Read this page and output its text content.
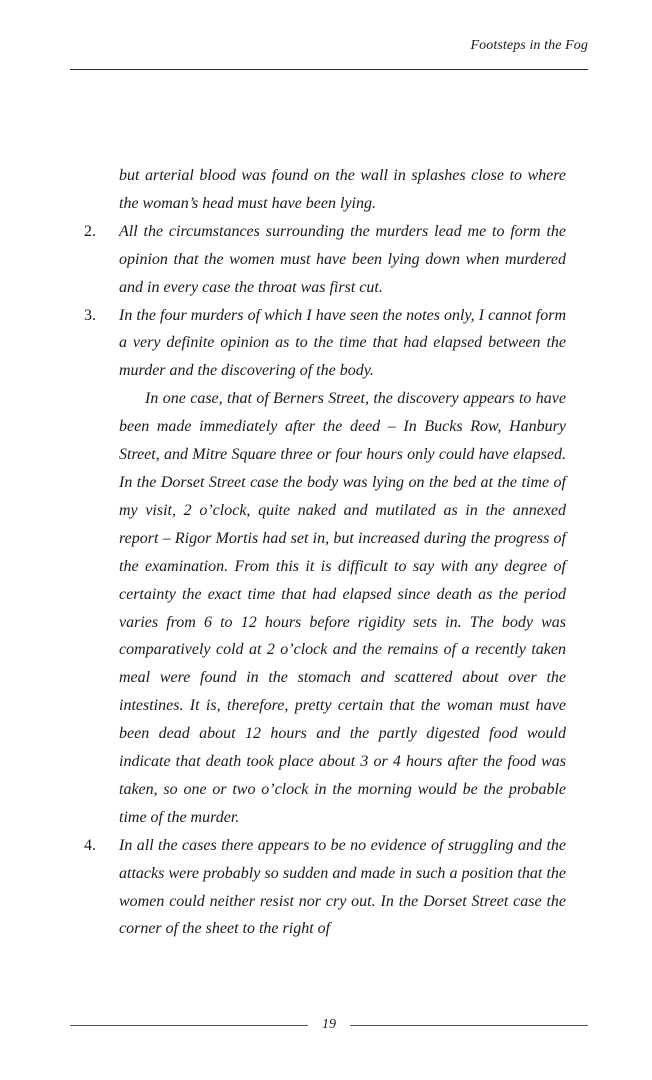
Footsteps in the Fog

but arterial blood was found on the wall in splashes close to where the woman’s head must have been lying.

2.	All the circumstances surrounding the murders lead me to form the opinion that the women must have been lying down when murdered and in every case the throat was first cut.

3.	In the four murders of which I have seen the notes only, I cannot form a very definite opinion as to the time that had elapsed between the murder and the discovering of the body.

In one case, that of Berners Street, the discovery appears to have been made immediately after the deed – In Bucks Row, Hanbury Street, and Mitre Square three or four hours only could have elapsed. In the Dorset Street case the body was lying on the bed at the time of my visit, 2 o’clock, quite naked and mutilated as in the annexed report – Rigor Mortis had set in, but increased during the progress of the examination. From this it is difficult to say with any degree of certainty the exact time that had elapsed since death as the period varies from 6 to 12 hours before rigidity sets in. The body was comparatively cold at 2 o’clock and the remains of a recently taken meal were found in the stomach and scattered about over the intestines. It is, therefore, pretty certain that the woman must have been dead about 12 hours and the partly digested food would indicate that death took place about 3 or 4 hours after the food was taken, so one or two o’clock in the morning would be the probable time of the murder.

4.	In all the cases there appears to be no evidence of struggling and the attacks were probably so sudden and made in such a position that the women could neither resist nor cry out. In the Dorset Street case the corner of the sheet to the right of

19
